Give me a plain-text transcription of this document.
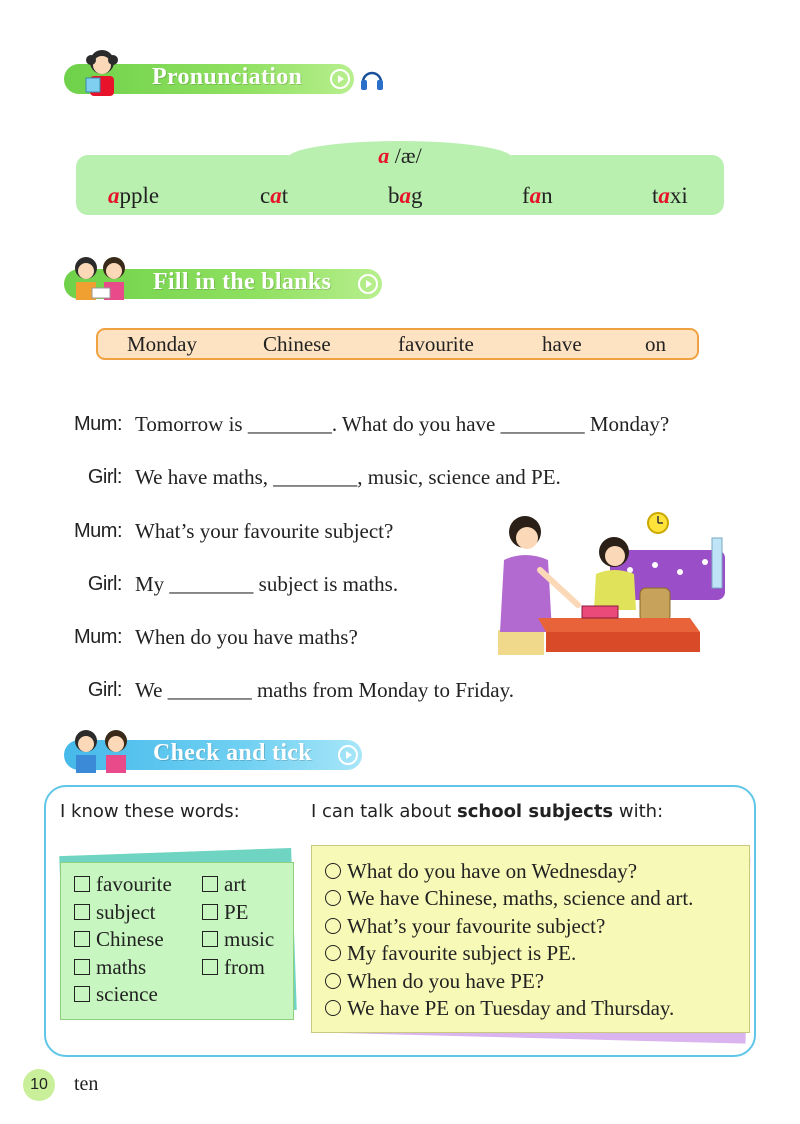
Pronunciation
a /æ/
apple	cat	bag	fan	taxi
Fill in the blanks
Monday	Chinese	favourite	have	on
Mum: Tomorrow is ________. What do you have ________ Monday?
Girl: We have maths, ________, music, science and PE.
Mum: What’s your favourite subject?
Girl: My ________ subject is maths.
Mum: When do you have maths?
Girl: We ________ maths from Monday to Friday.
Check and tick
I know these words:	I can talk about school subjects with:
favourite
subject
Chinese
maths
science
art
PE
music
from
What do you have on Wednesday?
We have Chinese, maths, science and art.
What’s your favourite subject?
My favourite subject is PE.
When do you have PE?
We have PE on Tuesday and Thursday.
10	ten
